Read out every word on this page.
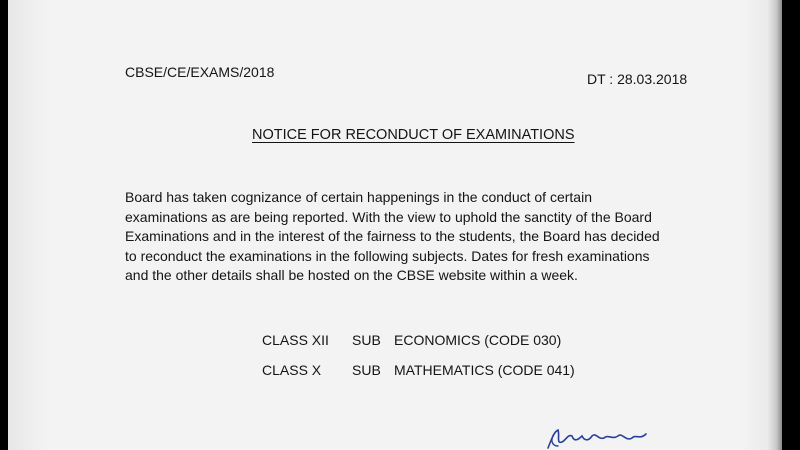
CBSE/CE/EXAMS/2018	DT : 28.03.2018
NOTICE FOR RECONDUCT OF EXAMINATIONS
Board has taken cognizance of certain happenings in the conduct of certain
examinations as are being reported. With the view to uphold the sanctity of the Board
Examinations and in the interest of the fairness to the students, the Board has decided
to reconduct the examinations in the following subjects. Dates for fresh examinations
and the other details shall be hosted on the CBSE website within a week.
CLASS XII SUB ECONOMICS (CODE 030)
CLASS X SUB MATHEMATICS (CODE 041)
